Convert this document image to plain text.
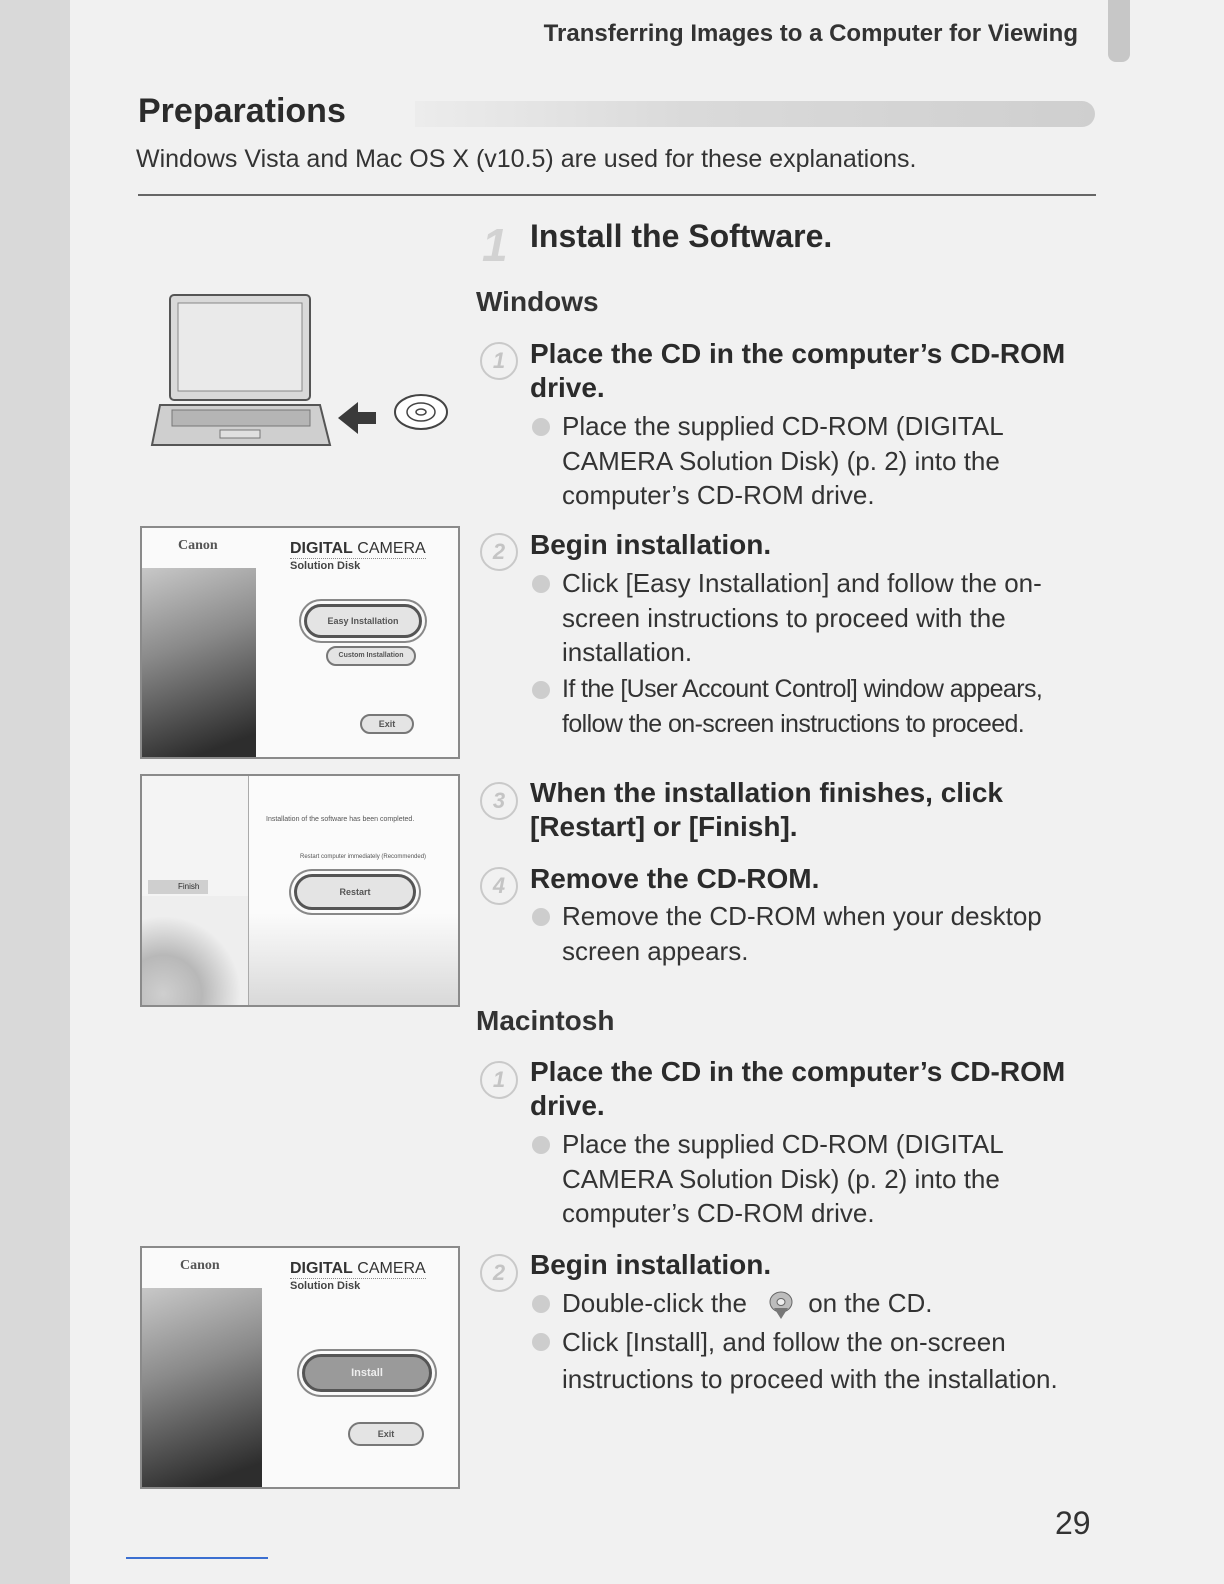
Transferring Images to a Computer for Viewing
Preparations
Windows Vista and Mac OS X (v10.5) are used for these explanations.
1 Install the Software.
Canon	DIGITAL CAMERA
Solution Disk
Easy Installation
Custom Installation
Exit
Finish
Installation of the software has been completed.
Restart computer immediately (Recommended)
Restart
Canon	DIGITAL CAMERA
Solution Disk
Install
Exit
Windows
1 Place the CD in the computer’s CD-ROM drive.
Place the supplied CD-ROM (DIGITAL CAMERA Solution Disk) (p. 2) into the computer’s CD-ROM drive.
2 Begin installation.
Click [Easy Installation] and follow the on-screen instructions to proceed with the installation.
If the [User Account Control] window appears, follow the on-screen instructions to proceed.
3 When the installation finishes, click [Restart] or [Finish].
4 Remove the CD-ROM.
Remove the CD-ROM when your desktop screen appears.
Macintosh
1 Place the CD in the computer’s CD-ROM drive.
Place the supplied CD-ROM (DIGITAL CAMERA Solution Disk) (p. 2) into the computer’s CD-ROM drive.
2 Begin installation.
Double-click the on the CD.
Click [Install], and follow the on-screen instructions to proceed with the installation.
29
